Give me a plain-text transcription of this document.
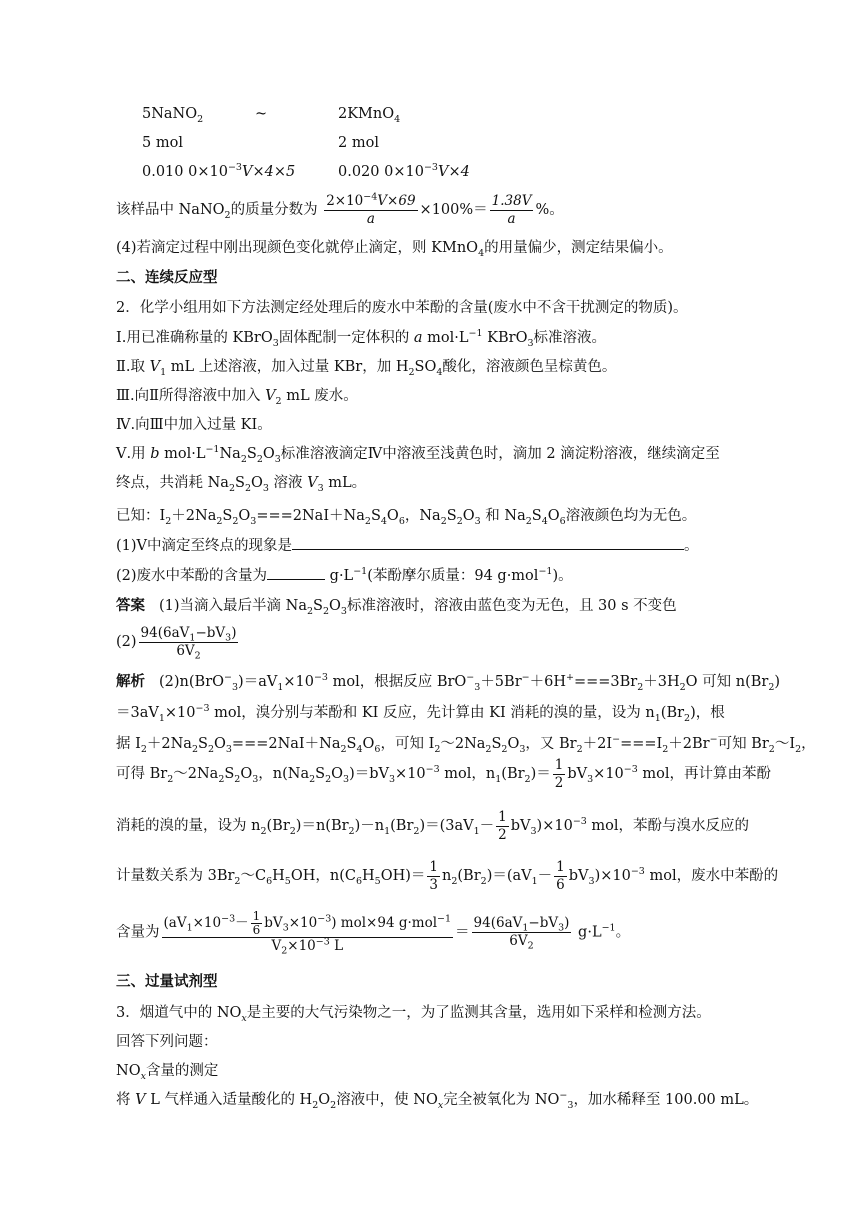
5NaNO$_2$	~	2KMnO$_4$
5 mol	2 mol
0.010 $0\times 10^{-3}V\times 4\times 5$	0.020 $0\times 10^{-3}V\times 4$
该样品中 NaNO$_2$的质量分数为 $\frac{2\times 10^{-4}V\times 69}{a} \times 100\%= \frac{1.38V}{a}$ %。
(4)若滴定过程中刚出现颜色变化就停止滴定，则 KMnO$_4$的用量偏少，测定结果偏小。
二、连续反应型
2．化学小组用如下方法测定经处理后的废水中苯酚的含量(废水中不含干扰测定的物质)。
Ⅰ.用已准确称量的 KBrO$_3$固体配制一定体积的 a $mol\cdot L^{-1}$ KBrO$_3$标准溶液。
Ⅱ.取 $V_1$ mL 上述溶液，加入过量 KBr，加 $H_2SO_4$酸化，溶液颜色呈棕黄色。
Ⅲ.向Ⅱ所得溶液中加入 $V_2$ mL 废水。
Ⅳ.向Ⅲ中加入过量 KI。
Ⅴ.用 b $mol\cdot L^{-1}Na_2S_2O_3$标准溶液滴定Ⅳ中溶液至浅黄色时，滴加 2 滴淀粉溶液，继续滴定至
终点，共消耗 $Na_2S_2O_3$ 溶液 $V_3$ mL。
已知：$I_2+2Na_2S_2O_3===2NaI+Na_2S_4O_6$，$Na_2S_2O_3$ 和 $Na_2S_4O_6$溶液颜色均为无色。
(1)Ⅴ中滴定至终点的现象是	。
(2)废水中苯酚的含量为	$g\cdot L^{-1}$(苯酚摩尔质量：94 g·mol$^{-1}$)。
答案 (1)当滴入最后半滴 $Na_2S_2O_3$标准溶液时，溶液由蓝色变为无色，且 30 s 不变色
$(2) \frac{94(6aV_1-bV_3)}{6V_2}$
解析 $(2)n(BrO^-_3)=aV_1\times 10^{-3}$ mol，根据反应 $BrO^-_3+5Br^-+6H^+===3Br_2+3H_2O$ 可知 $n(Br_2)$
$=3aV_1\times 10^{-3}$ mol，溴分别与苯酚和 KI 反应，先计算由 KI 消耗的溴的量，设为 $n_1(Br_2)$，根
据 $I_2+2Na_2S_2O_3===2NaI+Na_2S_4O_6$，可知 $I_2\sim 2Na_2S_2O_3$，又 $Br_2+2I^-===I_2+2Br^-$可知 $Br_2\sim I_2$，
可得 $Br_2\sim 2Na_2S_2O_3$，$n(Na_2S_2O_3)=bV_3\times 10^{-3}$ mol，$n_1(Br_2)= \frac{1}{2} bV_3\times 10^{-3}$ mol，再计算由苯酚
消耗的溴的量，设为 $n_2(Br_2)=n(Br_2)-n_1(Br_2)=(3aV_1- \frac{1}{2} bV_3)\times 10^{-3}$ mol，苯酚与溴水反应的
计量数关系为 $3Br_2\sim C_6H_5OH$，$n(C_6H_5OH)= \frac{1}{3} n_2(Br_2)=(aV_1- \frac{1}{6} bV_3)\times 10^{-3}$ mol，废水中苯酚的
含量为 $\frac{(aV_1\times 10^{-3}- \frac{1}{6} bV_3\times 10^{-3}) mol\times 94 g\cdot mol^{-1}}{V_2\times 10^{-3} L} = \frac{94(6aV_1-bV_3)}{6V_2} g\cdot L^{-1}$。
三、过量试剂型
3．烟道气中的 $NO_x$是主要的大气污染物之一，为了监测其含量，选用如下采样和检测方法。
回答下列问题：
$NO_x$含量的测定
将 V L 气样通入适量酸化的 $H_2O_2$溶液中，使 $NO_x$完全被氧化为 $NO^-_3$，加水稀释至 100.00 mL。
